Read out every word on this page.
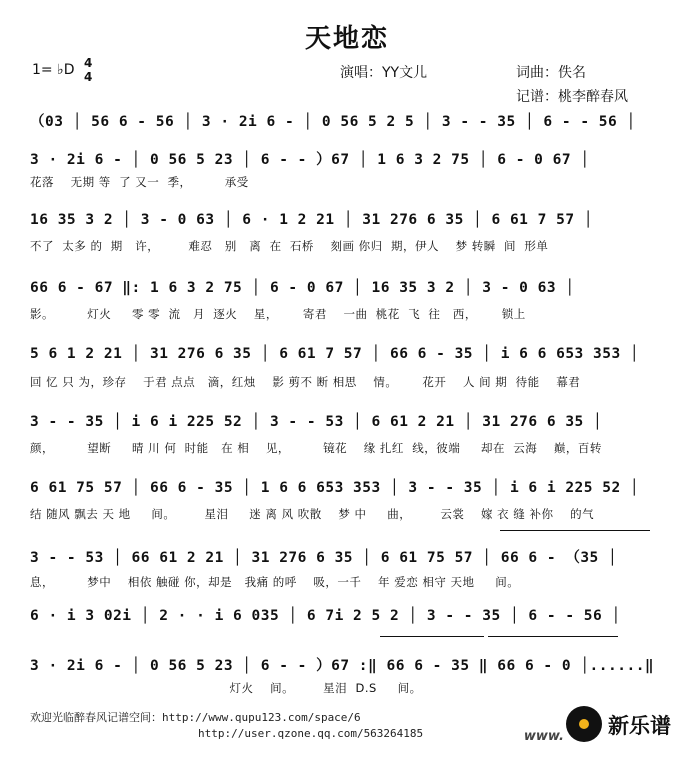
天地恋
1= ♭D 4
4	演唱：YY文儿	词曲：佚名
记谱：桃李醉春风
（03 │ 56 6 - 56 │ 3 · 2i 6 - │ 0 56 5 2 5 │ 3 - - 35 │ 6 - - 56 │
3 · 2i 6 - │ 0 56 5 23 │ 6 - - ）67 │ 1 6 3 2 75 │ 6 - 0 67 │
花落    无期 等  了 又一  季，        承受
16 35 3 2 │ 3 - 0 63 │ 6 · 1 2 21 │ 31 276 6 35 │ 6 61 7 57 │
不了  太多 的  期   许，       难忍   别   离  在  石桥    刻画 你归  期，伊人    梦 转瞬  间  形单
66 6 - 67 ‖: 1 6 3 2 75 │ 6 - 0 67 │ 16 35 3 2 │ 3 - 0 63 │
影。        灯火     零 零  流   月  逐火    星，      寄君    一曲  桃花  飞  往   西，      锁上
5 6 1 2 21 │ 31 276 6 35 │ 6 61 7 57 │ 66 6 - 35 │ i 6 6 653 353 │
回 忆 只 为，珍存    于君 点点   滴，红烛    影 剪不 断 相思    情。      花开    人 间 期  待能    幕君
3 - - 35 │ i 6 i 225 52 │ 3 - - 53 │ 6 61 2 21 │ 31 276 6 35 │
颜，        望断     晴 川 何  时能   在 相    见，        镜花    缘 扎红  线，彼端     却在  云海    巅，百转
6 61 75 57 │ 66 6 - 35 │ 1 6 6 653 353 │ 3 - - 35 │ i 6 i 225 52 │
结 随风 飘去 天 地     间。       星泪     迷 离 风 吹散    梦 中     曲，       云裳    嫁 衣 缝 补你    的气
3 - - 53 │ 66 61 2 21 │ 31 276 6 35 │ 6 61 75 57 │ 66 6 - （35 │
息，        梦中    相依 触碰 你，却是   我痛 的呼    吸，一千    年 爱恋 相守 天地     间。
6 · i 3 02i │ 2 · · i 6 035 │ 6 7i 2 5 2 │ 3 - - 35 │ 6 - - 56 │
3 · 2i 6 - │ 0 56 5 23 │ 6 - - ）67 :‖ 66 6 - 35 ‖ 66 6 - 0 │......‖
灯火    间。       星泪  D.S     间。
欢迎光临醉春风记谱空间：http://www.qupu123.com/space/6
http://user.qzone.qq.com/563264185	www.

新乐谱
